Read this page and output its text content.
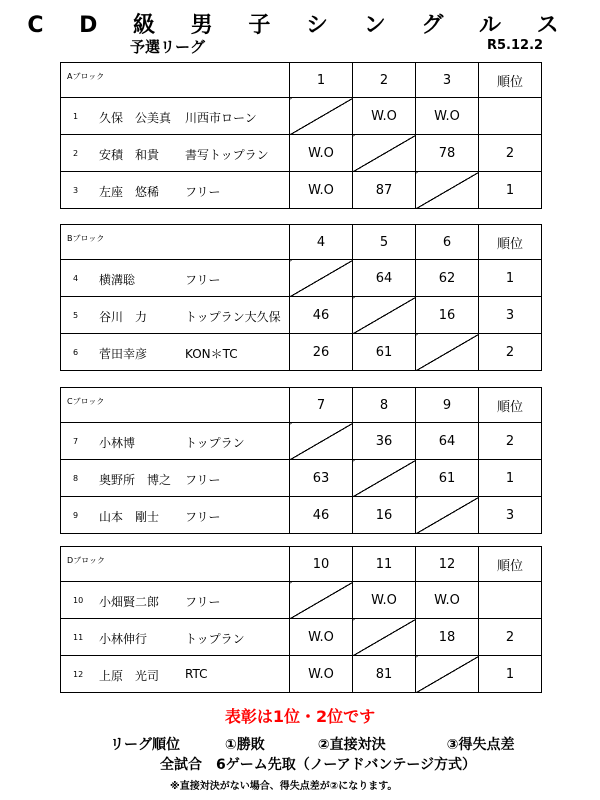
C D 級 男 子 シ ン グ ル ス
予選リーグ	R5.12.2
Aブロック	1	2	3	順位

1 久保　公美真 川西市ローン		W.O	W.O	

2 安積　和貴 書写トップラン	W.O		78	2

3 左座　悠稀 フリー	W.O	87		1
Bブロック	4	5	6	順位

4 横溝聡 フリー		64	62	1

5 谷川　力 トップラン大久保	46		16	3

6 菅田幸彦 KON＊TC	26	61		2
Cブロック	7	8	9	順位

7 小林博 トップラン		36	64	2

8 奥野所　博之 フリー	63		61	1

9 山本　剛士 フリー	46	16		3
Dブロック	10	11	12	順位

10 小畑賢二郎 フリー		W.O	W.O	

11 小林伸行 トップラン	W.O		18	2

12 上原　光司 RTC	W.O	81		1
表彰は1位・2位です
リーグ順位	①勝敗	②直接対決	③得失点差
全試合　6ゲーム先取（ノーアドバンテージ方式）
※直接対決がない場合、得失点差が②になります。
